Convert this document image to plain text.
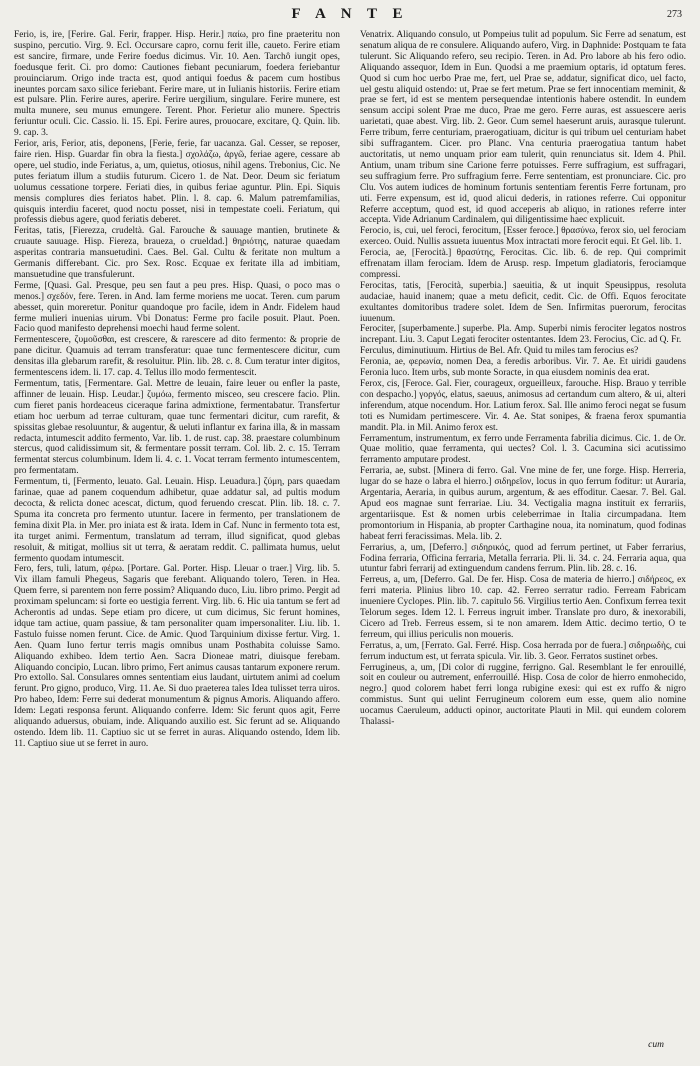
F A N T E	273

Ferio, is, ire, [Ferire. Gal. Ferir, frapper. Hisp. Herir.] παίω, pro fine praeteritu non suspino, percutio. Virg. 9. Ecl. Occursare capro, cornu ferit ille, caueto. Ferire etiam est sancire, firmare, unde Ferire foedus dicimus. Vir. 10. Aen. Tarchô iungit opes, foedusque ferit. Ci. pro domo: Cautiones fiebant pecuniarum, foedera feriebantur prouinciarum. Origo inde tracta est, quod antiqui foedus & pacem cum hostibus ineuntes porcam saxo silice feriebant. Ferire mare, ut in Iulianis historiis. Ferire etiam est pulsare. Plin. Ferire aures, aperire. Ferire uergilium, singulare. Ferire munere, est multa munere, seu munus emungere. Terent. Phor. Ferietur alio munere. Spectris feriuntur oculi. Cic. Cassio. li. 15. Epi. Ferire aures, prouocare, excitare, Q. Quin. lib. 9. cap. 3.

Ferior, aris, Ferior, atis, deponens, [Ferie, ferie, far uacanza. Gal. Cesser, se reposer, faire rien. Hisp. Guardar fin obra la fiesta.] σχολάζω, ἀργῶ, feriae agere, cessare ab opere, uel studio, inde Feriatus, a, um, quietus, otiosus, nihil agens. Trebonius, Cic. Ne putes feriatum illum a studiis futurum. Cicero 1. de Nat. Deor. Deum sic feriatum uolumus cessatione torpere. Feriati dies, in quibus feriae aguntur. Plin. Epi. Siquis mensis complures dies feriatos habet. Plin. l. 8. cap. 6. Malum patremfamilias, quisquis interdiu faceret, quod noctu posset, nisi in tempestate coeli. Feriatum, qui professis diebus agere, quod feriatis deberet.

Feritas, tatis, [Fierezza, crudeltà. Gal. Farouche & sauuage mantien, brutinete & cruaute sauuage. Hisp. Fiereza, braueza, o crueldad.] θηριότης, naturae quaedam asperitas contraria mansuetudini. Caes. Bel. Gal. Cultu & feritate non multum a Germanis differebant. Cic. pro Sex. Rosc. Ecquae ex feritate illa ad imbitiam, mansuetudine que transfulerunt.

Ferme, [Quasi. Gal. Presque, peu sen faut a peu pres. Hisp. Quasi, o poco mas o menos.] σχεδόν, fere. Teren. in And. Iam ferme moriens me uocat. Teren. cum parum abesset, quin moreretur. Ponitur quandoque pro facile, idem in Andr. Fidelem haud ferme mulieri inuenias uirum. Vbi Donatus: Ferme pro facile posuit. Plaut. Poen. Facio quod manifesto deprehensi moechi haud ferme solent.

Fermentescere, ζυμοῦσθαι, est crescere, & rarescere ad dito fermento: & proprie de pane dicitur. Quamuis ad terram transferatur: quae tunc fermentescere dicitur, cum densitas illa glebarum rarefit, & resoluitur. Plin. lib. 28. c. 8. Cum teratur inter digitos, fermentescens idem. li. 17. cap. 4. Tellus illo modo fermentescit.

Fermentum, tatis, [Fermentare. Gal. Mettre de leuain, faire leuer ou enfler la paste, affinner de leuain. Hisp. Leudar.] ζυμόω, fermento misceo, seu crescere facio. Plin. cum fieret panis hordeaceus ciceraque farina admixtione, fermentabatur. Transfertur etiam hoc uerbum ad terrae culturam, quae tunc fermentari dicitur, cum rarefit, & spissitas glebae resoluuntur, & augentur, & ueluti inflantur ex farina illa, & in massam redacta, intumescit addito fermento, Var. lib. 1. de rust. cap. 38. praestare columbinum stercus, quod calidissimum sit, & fermentare possit terram. Col. lib. 2. c. 15. Terram fermentat stercus columbinum. Idem li. 4. c. 1. Vocat terram fermento intumescentem, pro fermentatam.

Fermentum, ti, [Fermento, leuato. Gal. Leuain. Hisp. Leuadura.] ζύμη, pars quaedam farinae, quae ad panem coquendum adhibetur, quae addatur sal, ad pultis modum decocta, & relicta donec acescat, dictum, quod feruendo crescat. Plin. lib. 18. c. 7. Spuma ita concreta pro fermento utuntur. Iacere in fermento, per translationem de femina dixit Pla. in Mer. pro iniata est & irata. Idem in Caf. Nunc in fermento tota est, ita turget animi. Fermentum, translatum ad terram, illud significat, quod glebas resoluit, & mitigat, mollius sit ut terra, & aeratam reddit. C. pallimata humus, uelut fermento quodam intumescit.

Fero, fers, tuli, latum, φέρω. [Portare. Gal. Porter. Hisp. Lleuar o traer.] Virg. lib. 5. Vix illam famuli Phegeus, Sagaris que ferebant. Aliquando tolero, Teren. in Hea. Quem ferre, si parentem non ferre possim? Aliquando duco, Liu. libro primo. Pergit ad proximam speluncam: si forte eo uestigia ferrent. Virg. lib. 6. Hic uia tantum se fert ad Acherontis ad undas. Sepe etiam pro dicere, ut cum dicimus, Sic ferunt homines, idque tam actiue, quam passiue, & tam personaliter quam impersonaliter. Liu. lib. 1. Fastulo fuisse nomen ferunt. Cice. de Amic. Quod Tarquinium dixisse fertur. Virg. 1. Aen. Quam Iuno fertur terris magis omnibus unam Posthabita coluisse Samo. Aliquando exhibeo. Idem tertio Aen. Sacra Dioneae matri, diuisque ferebam. Aliquando concipio, Lucan. libro primo, Fert animus causas tantarum exponere rerum. Pro extollo. Sal. Consulares omnes sententiam eius laudant, uirtutem animi ad coelum ferunt. Pro gigno, produco, Virg. 11. Ae. Si duo praeterea tales Idea tulisset terra uiros. Pro habeo, Idem: Ferre sui dederat monumentum & pignus Amoris. Aliquando affero. Idem: Legati responsa ferunt. Aliquando conferre. Idem: Sic ferunt quos agit, Ferre aliquando aduersus, obuiam, inde. Aliquando auxilio est. Sic ferunt ad se. Aliquando ostendo. Idem lib. 11. Captiuo sic ut se ferret in auras. Aliquando ostendo, Idem lib. 11. Captiuo siue ut se ferret in auro.

Venatrix. Aliquando consulo, ut Pompeius tulit ad populum. Sic Ferre ad senatum, est senatum aliqua de re consulere. Aliquando aufero, Virg. in Daphnide: Postquam te fata tulerunt. Sic Aliquando refero, seu recipio. Teren. in Ad. Pro labore ab his fero odio. Aliquando assequor, Idem in Eun. Quodsi a me praemium optaris, id optatum feres. Quod si cum hoc uerbo Prae me, fert, uel Prae se, addatur, significat dico, uel facto, uel gestu aliquid ostendo: ut, Prae se fert metum. Prae se fert innocentiam meminit, & prae se fert, id est se mentem persequendae intentionis habere ostendit. In eundem sensum accipi solent Prae me duco, Prae me gero. Ferre auras, est assuescere aeris uarietati, quae abest. Virg. lib. 2. Geor. Cum semel haeserunt aruis, aurasque tulerunt. Ferre tribum, ferre centuriam, praerogatiuam, dicitur is qui tribum uel centuriam habet sibi suffragantem. Cicer. pro Planc. Vna centuria praerogatiua tantum habet auctoritatis, ut nemo unquam prior eam tulerit, quin renunciatus sit. Idem 4. Phil. Antium, unam tribum sine Carione ferre potuisses. Ferre suffragium, est suffragari, seu suffragium ferre. Pro suffragium ferre. Ferre sententiam, est pronunciare. Cic. pro Clu. Vos autem iudices de hominum fortunis sententiam ferentis Ferre fortunam, pro uti. Ferre expensum, est id, quod alicui dederis, in rationes referre. Cui opponitur Referre acceptum, quod est, id quod acceperis ab aliquo, in rationes referre inter accepta. Vide Adrianum Cardinalem, qui diligentissime haec explicuit.

Ferocio, is, cui, uel feroci, ferocitum, [Esser feroce.] θρασύνω, ferox sio, uel ferociam exerceo. Ouid. Nullis assueta iuuentus Mox intractati more ferocit equi. Et Gel. lib. 1.

Ferocia, ae, [Ferocità.] θρασύτης, Ferocitas. Cic. lib. 6. de rep. Qui comprimit effrenatam illam ferociam. Idem de Arusp. resp. Impetum gladiatoris, ferociamque compressi.

Ferocitas, tatis, [Ferocità, superbia.] saeuitia, & ut inquit Speusippus, resoluta audaciae, hauid inanem; quae a metu deficit, cedit. Cic. de Offi. Equos ferocitate exultantes domitoribus tradere solet. Idem de Sen. Infirmitas puerorum, ferocitas iuuenum.

Ferociter, [superbamente.] superbe. Pla. Amp. Superbi nimis ferociter legatos nostros increpant. Liu. 3. Caput Legati ferociter ostentantes. Idem 23. Ferocius, Cic. ad Q. Fr.

Ferculus, diminutiuum. Hirtius de Bel. Afr. Quid tu miles tam ferocius es?

Feronia, ae, φερωνία, nomen Dea, a feredis arboribus. Vir. 7. Ae. Et uiridi gaudens Feronia luco. Item urbs, sub monte Soracte, in qua eiusdem nominis dea erat.

Ferox, cis, [Feroce. Gal. Fier, courageux, orgueilleux, farouche. Hisp. Brauo y terrible con despacho.] γοργός, elatus, saeuus, animosus ad certandum cum altero, & ui, alteri inferendum, atque nocendum. Hor. Latium ferox. Sal. Ille animo feroci negat se fusum toti es Numidam pertimescere. Vir. 4. Ae. Stat sonipes, & fraena ferox spumantia mandit. Pla. in Mil. Animo ferox est.

Ferramentum, instrumentum, ex ferro unde Ferramenta fabrilia dicimus. Cic. 1. de Or. Quae molitio, quae ferramenta, qui uectes? Col. l. 3. Cacumina sici acutissimo ferramento amputare prodest.

Ferraria, ae, subst. [Minera di ferro. Gal. Vne mine de fer, une forge. Hisp. Herreria, lugar do se haze o labra el hierro.] σιδηρεῖον, locus in quo ferrum foditur: ut Auraria, Argentaria, Aeraria, in quibus aurum, argentum, & aes effoditur. Caesar. 7. Bel. Gal. Apud eos magnae sunt ferrariae. Liu. 34. Vectigalia magna instituit ex ferrariis, argentariisque. Est & nomen urbis celeberrimae in Italia circumpadana. Item promontorium in Hispania, ab propter Carthagine noua, ita nominatum, quod fodinas habeat ferri feracissimas. Mela. lib. 2.

Ferrarius, a, um, [Deferro.] σιδηρικός, quod ad ferrum pertinet, ut Faber ferrarius, Fodina ferraria, Officina ferraria, Metalla ferraria. Pli. li. 34. c. 24. Ferraria aqua, qua utuntur fabri ferrarij ad extinguendum candens ferrum. Plin. lib. 28. c. 16.

Ferreus, a, um, [Deferro. Gal. De fer. Hisp. Cosa de materia de hierro.] σιδήρεος, ex ferri materia. Plinius libro 10. cap. 42. Ferreo serratur radio. Ferream Fabricam inueniere Cyclopes. Plin. lib. 7. capitulo 56. Virgilius tertio Aen. Confixum ferrea texit Telorum seges. Idem 12. l. Ferreus ingruit imber. Translate pro duro, & inexorabili, Cicero ad Treb. Ferreus essem, si te non amarem. Idem Attic. decimo tertio, O te ferreum, qui illius periculis non moueris.

Ferratus, a, um, [Ferrato. Gal. Ferré. Hisp. Cosa herrada por de fuera.] σιδηρωδὴς, cui ferrum inductum est, ut ferrata spicula. Vir. lib. 3. Geor. Ferratos sustinet orbes.

Ferrugineus, a, um, [Di color di ruggine, ferrigno. Gal. Resemblant le fer enrouillé, soit en couleur ou autrement, enferrouillé. Hisp. Cosa de color de hierro enmohecido, negro.] quod colorem habet ferri longa rubigine exesi: qui est ex ruffo & nigro commistus. Sunt qui uelint Ferrugineum colorem eum esse, quem alio nomine uocamus Caeruleum, adducti opinor, auctoritate Plauti in Mil. qui eundem colorem Thalassi-

cum
